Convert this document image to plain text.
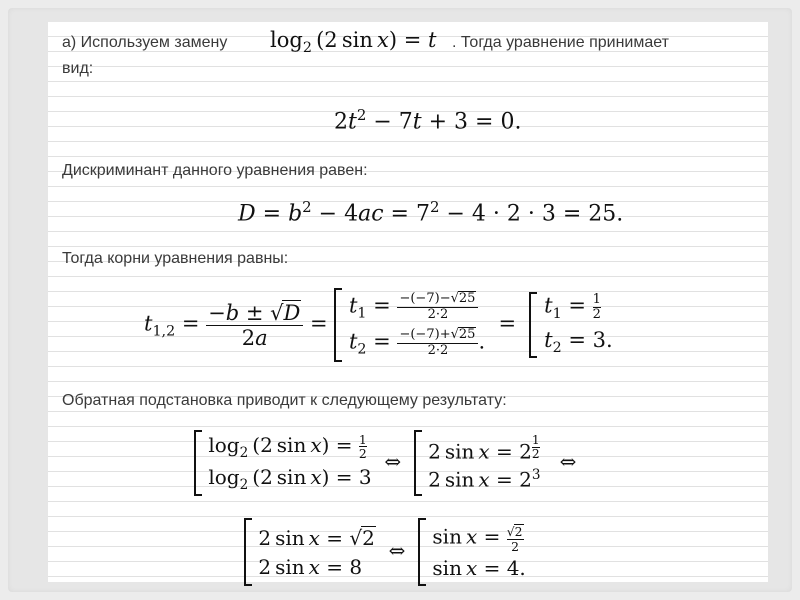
а) Используем замену $\log_2 (2$ sin x) = t . Тогда уравнение принимает
вид:
$2t^2 - 7t + 3 = 0$.
Дискриминант данного уравнения равен:
$D = b^2 - 4ac = 7^2 - 4 \cdot 2 \cdot 3 = 25$.
Тогда корни уравнения равны:
$t_{1,2} = \frac{-b \pm √D}{2a}$ =
$t_1 = \frac{-(-7)-√25}{2\cdot 2}$
$t_2 = \frac{-(-7)+√25}{2\cdot 2}$ .
=
$t_1 = \frac{1}{2}$
$t_2 = 3$.
Обратная подстановка приводит к следующему результату:

$\log_2 (2$ $\sin x) = \frac{1}{2}$
$\log_2 (2$ sin x) = 3
⇔ 2 sin x = 2 $^{\frac{1}{2}}$
2 $\sin x = 2^3$
⇔

2 sin x = √2
2 sin x = 8
⇔
$\sin x = \frac{√2}{2}$
sin x = 4.
